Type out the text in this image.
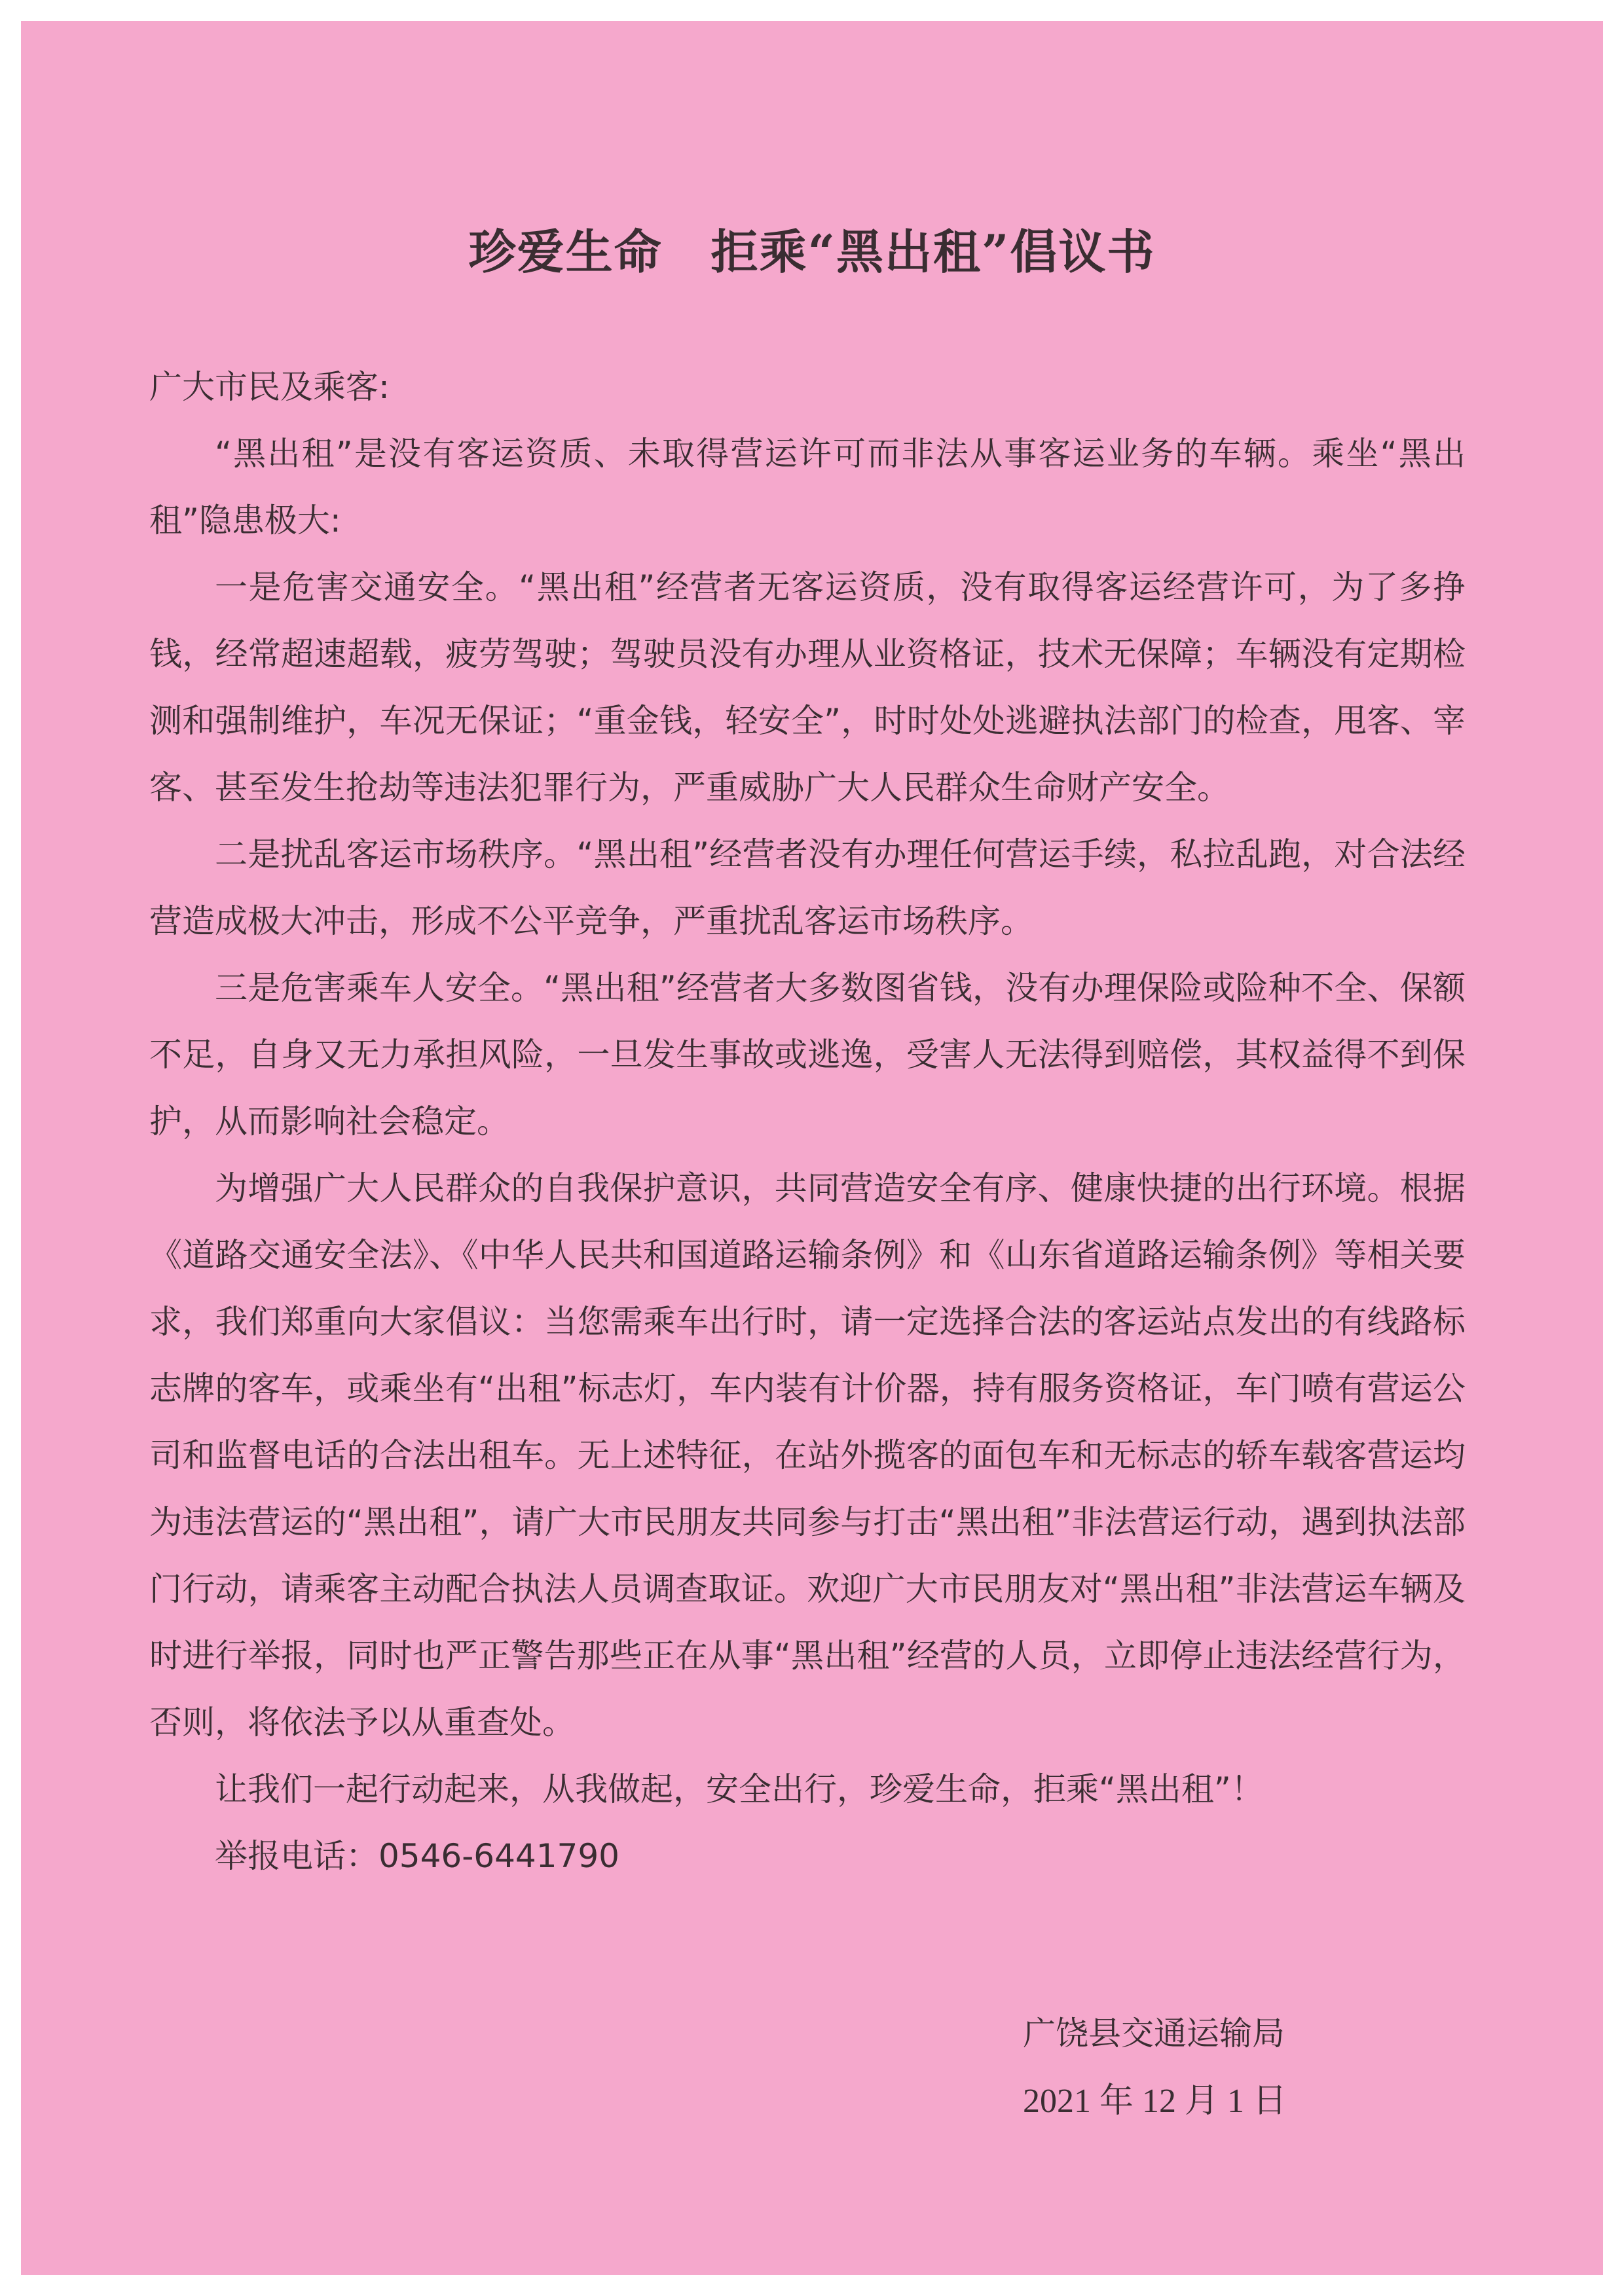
珍爱生命　拒乘“黑出租”倡议书

广大市民及乘客:

“黑出租”是没有客运资质、未取得营运许可而非法从事客运业务的车辆。乘坐“黑出租”隐患极大:

一是危害交通安全。“黑出租”经营者无客运资质，没有取得客运经营许可，为了多挣钱，经常超速超载，疲劳驾驶；驾驶员没有办理从业资格证，技术无保障；车辆没有定期检测和强制维护，车况无保证；“重金钱，轻安全”，时时处处逃避执法部门的检查，甩客、宰客、甚至发生抢劫等违法犯罪行为，严重威胁广大人民群众生命财产安全。

二是扰乱客运市场秩序。“黑出租”经营者没有办理任何营运手续，私拉乱跑，对合法经营造成极大冲击，形成不公平竞争，严重扰乱客运市场秩序。

三是危害乘车人安全。“黑出租”经营者大多数图省钱，没有办理保险或险种不全、保额不足，自身又无力承担风险，一旦发生事故或逃逸，受害人无法得到赔偿，其权益得不到保护，从而影响社会稳定。

为增强广大人民群众的自我保护意识，共同营造安全有序、健康快捷的出行环境。根据《道路交通安全法》、《中华人民共和国道路运输条例》和《山东省道路运输条例》等相关要求，我们郑重向大家倡议：当您需乘车出行时，请一定选择合法的客运站点发出的有线路标志牌的客车，或乘坐有“出租”标志灯，车内装有计价器，持有服务资格证，车门喷有营运公司和监督电话的合法出租车。无上述特征，在站外揽客的面包车和无标志的轿车载客营运均为违法营运的“黑出租”，请广大市民朋友共同参与打击“黑出租”非法营运行动，遇到执法部门行动，请乘客主动配合执法人员调查取证。欢迎广大市民朋友对“黑出租”非法营运车辆及时进行举报，同时也严正警告那些正在从事“黑出租”经营的人员，立即停止违法经营行为，否则，将依法予以从重查处。

让我们一起行动起来，从我做起，安全出行，珍爱生命，拒乘“黑出租”！

举报电话：0546-6441790

广饶县交通运输局
2021 年 12 月 1 日
